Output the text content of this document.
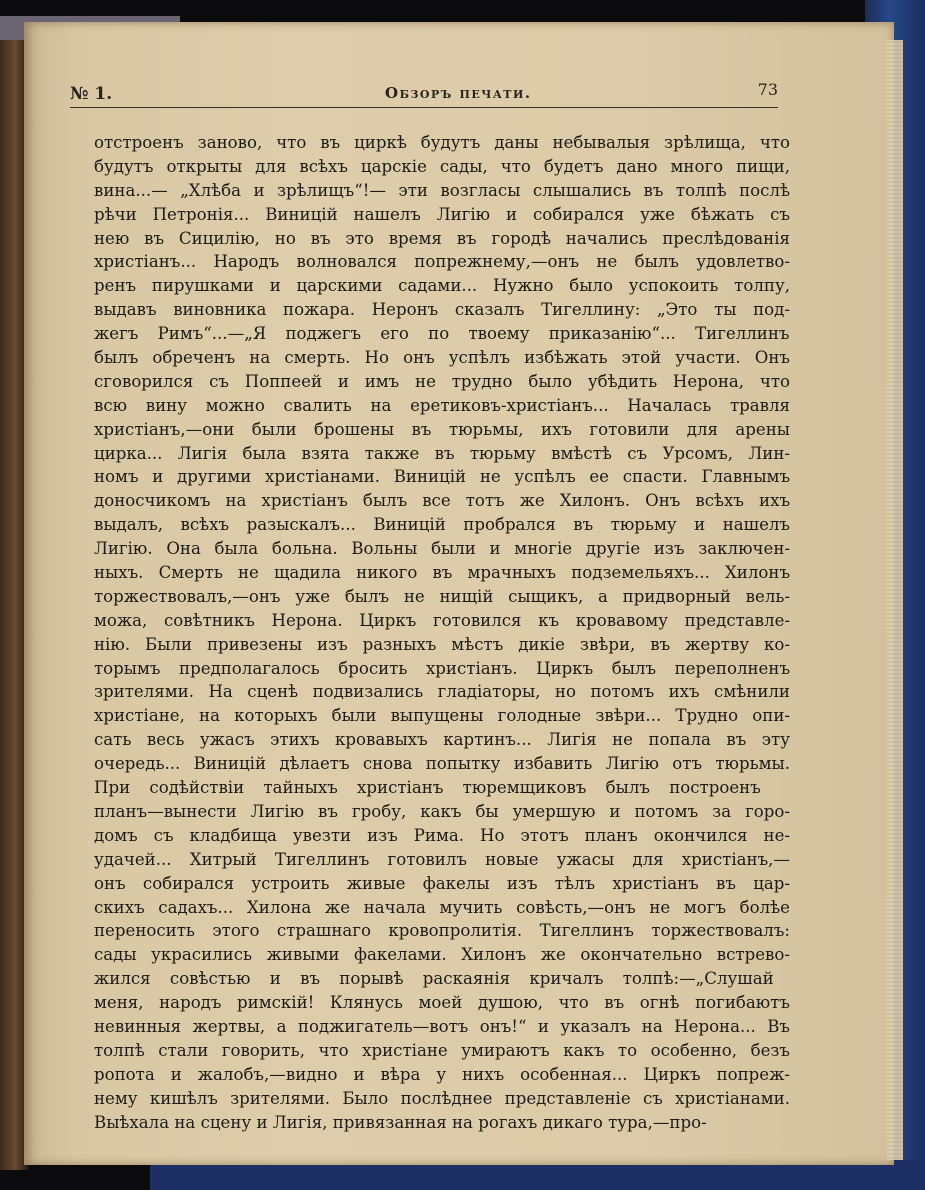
№ 1.	Обзоръ печати.	73
отстроенъ заново, что въ циркѣ будутъ даны небывалыя зрѣлища, что
будутъ открыты для всѣхъ царскіе сады, что будетъ дано много пищи,
вина...— „Хлѣба и зрѣлищъ“!— эти возгласы слышались въ толпѣ послѣ
рѣчи Петронія... Виницій нашелъ Лигію и собирался уже бѣжать съ
нею въ Сицилію, но въ это время въ городѣ начались преслѣдованія
христіанъ... Народъ волновался попрежнему,—онъ не былъ удовлетво-
ренъ пирушками и царскими садами... Нужно было успокоить толпу,
выдавъ виновника пожара. Неронъ сказалъ Тигеллину: „Это ты под-
жегъ Римъ“...—„Я поджегъ его по твоему приказанію“... Тигеллинъ
былъ обреченъ на смерть. Но онъ успѣлъ избѣжать этой участи. Онъ
сговорился съ Поппеей и имъ не трудно было убѣдить Нерона, что
всю вину можно свалить на еретиковъ-христіанъ... Началась травля
христіанъ,—они были брошены въ тюрьмы, ихъ готовили для арены
цирка... Лигія была взята также въ тюрьму вмѣстѣ съ Урсомъ, Лин-
номъ и другими христіанами. Виницій не успѣлъ ее спасти. Главнымъ
доносчикомъ на христіанъ былъ все тотъ же Хилонъ. Онъ всѣхъ ихъ
выдалъ, всѣхъ разыскалъ... Виницій пробрался въ тюрьму и нашелъ
Лигію. Она была больна. Вольны были и многіе другіе изъ заключен-
ныхъ. Смерть не щадила никого въ мрачныхъ подземельяхъ... Хилонъ
торжествовалъ,—онъ уже былъ не нищій сыщикъ, а придворный вель-
можа, совѣтникъ Нерона. Циркъ готовился къ кровавому представле-
нію. Были привезены изъ разныхъ мѣстъ дикіе звѣри, въ жертву ко-
торымъ предполагалось бросить христіанъ. Циркъ былъ переполненъ
зрителями. На сценѣ подвизались гладіаторы, но потомъ ихъ смѣнили
христіане, на которыхъ были выпущены голодные звѣри... Трудно опи-
сать весь ужасъ этихъ кровавыхъ картинъ... Лигія не попала въ эту
очередь... Виницій дѣлаетъ снова попытку избавить Лигію отъ тюрьмы.
При содѣйствіи тайныхъ христіанъ тюремщиковъ былъ построенъ
планъ—вынести Лигію въ гробу, какъ бы умершую и потомъ за горо-
домъ съ кладбища увезти изъ Рима. Но этотъ планъ окончился не-
удачей... Хитрый Тигеллинъ готовилъ новые ужасы для христіанъ,—
онъ собирался устроить живые факелы изъ тѣлъ христіанъ въ цар-
скихъ садахъ... Хилона же начала мучить совѣсть,—онъ не могъ болѣе
переносить этого страшнаго кровопролитія. Тигеллинъ торжествовалъ:
сады украсились живыми факелами. Хилонъ же окончательно встрево-
жился совѣстью и въ порывѣ раскаянія кричалъ толпѣ:—„Слушай
меня, народъ римскій! Клянусь моей душою, что въ огнѣ погибаютъ
невинныя жертвы, а поджигатель—вотъ онъ!“ и указалъ на Нерона... Въ
толпѣ стали говорить, что христіане умираютъ какъ то особенно, безъ
ропота и жалобъ,—видно и вѣра у нихъ особенная... Циркъ попреж-
нему кишѣлъ зрителями. Было послѣднее представленіе съ христіанами.
Выѣхала на сцену и Лигія, привязанная на рогахъ дикаго тура,—про-
